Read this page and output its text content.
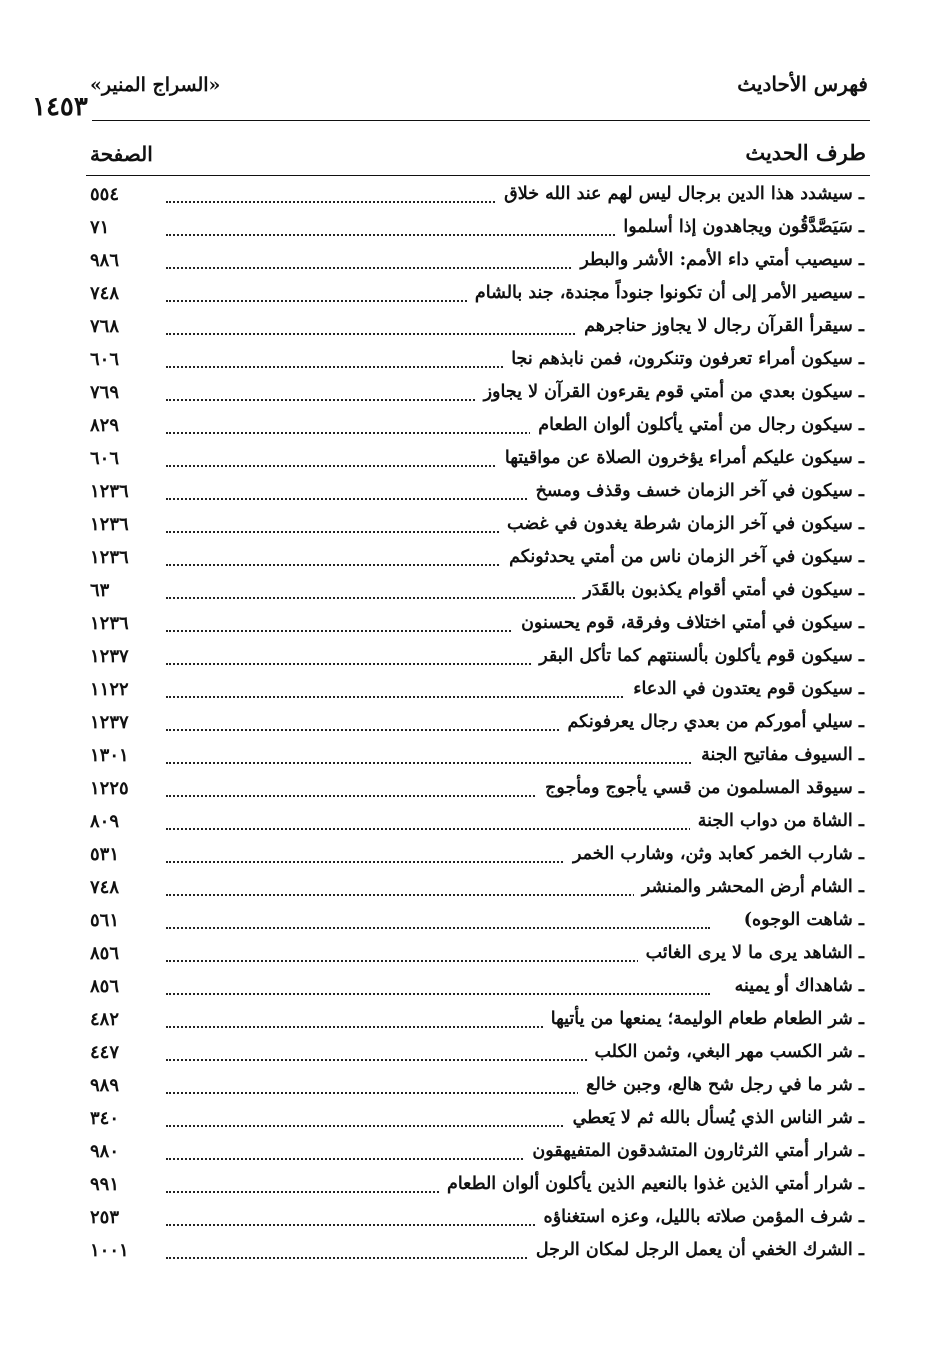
فهرس الأحاديث
«السراج المنير»
١٤٥٣
طرف الحديث
الصفحة
ـ سيشدد هذا الدين برجال ليس لهم عند الله خلاق
٥٥٤
ـ سَيَصَّدَّقُون ويجاهدون إذا أسلموا
٧١
ـ سيصيب أمتي داء الأمم: الأشر والبطر
٩٨٦
ـ سيصير الأمر إلى أن تكونوا جنوداً مجندة، جند بالشام
٧٤٨
ـ سيقرأ القرآن رجال لا يجاوز حناجرهم
٧٦٨
ـ سيكون أمراء تعرفون وتنكرون، فمن نابذهم نجا
٦٠٦
ـ سيكون بعدي من أمتي قوم يقرءون القرآن لا يجاوز
٧٦٩
ـ سيكون رجال من أمتي يأكلون ألوان الطعام
٨٢٩
ـ سيكون عليكم أمراء يؤخرون الصلاة عن مواقيتها
٦٠٦
ـ سيكون في آخر الزمان خسف وقذف ومسخ
١٢٣٦
ـ سيكون في آخر الزمان شرطة يغدون في غضب
١٢٣٦
ـ سيكون في آخر الزمان ناس من أمتي يحدثونكم
١٢٣٦
ـ سيكون في أمتي أقوام يكذبون بالقَدَر
٦٣
ـ سيكون في أمتي اختلاف وفرقة، قوم يحسنون
١٢٣٦
ـ سيكون قوم يأكلون بألسنتهم كما تأكل البقر
١٢٣٧
ـ سيكون قوم يعتدون في الدعاء
١١٢٢
ـ سيلي أموركم من بعدي رجال يعرفونكم
١٢٣٧
ـ السيوف مفاتيح الجنة
١٣٠١
ـ سيوقد المسلمون من قسي يأجوج ومأجوج
١٢٢٥
ـ الشاة من دواب الجنة
٨٠٩
ـ شارب الخمر كعابد وثن، وشارب الخمر
٥٣١
ـ الشام أرض المحشر والمنشر
٧٤٨
ـ شاهت الوجوه)
٥٦١
ـ الشاهد يرى ما لا يرى الغائب
٨٥٦
ـ شاهداك أو يمينه
٨٥٦
ـ شر الطعام طعام الوليمة؛ يمنعها من يأتيها
٤٨٢
ـ شر الكسب مهر البغي، وثمن الكلب
٤٤٧
ـ شر ما في رجل شح هالع، وجبن خالع
٩٨٩
ـ شر الناس الذي يُسأل بالله ثم لا يَعطي
٣٤٠
ـ شرار أمتي الثرثارون المتشدقون المتفيهقون
٩٨٠
ـ شرار أمتي الذين غذوا بالنعيم الذين يأكلون ألوان الطعام
٩٩١
ـ شرف المؤمن صلاته بالليل، وعزه استغناؤه
٢٥٣
ـ الشرك الخفي أن يعمل الرجل لمكان الرجل
١٠٠١
